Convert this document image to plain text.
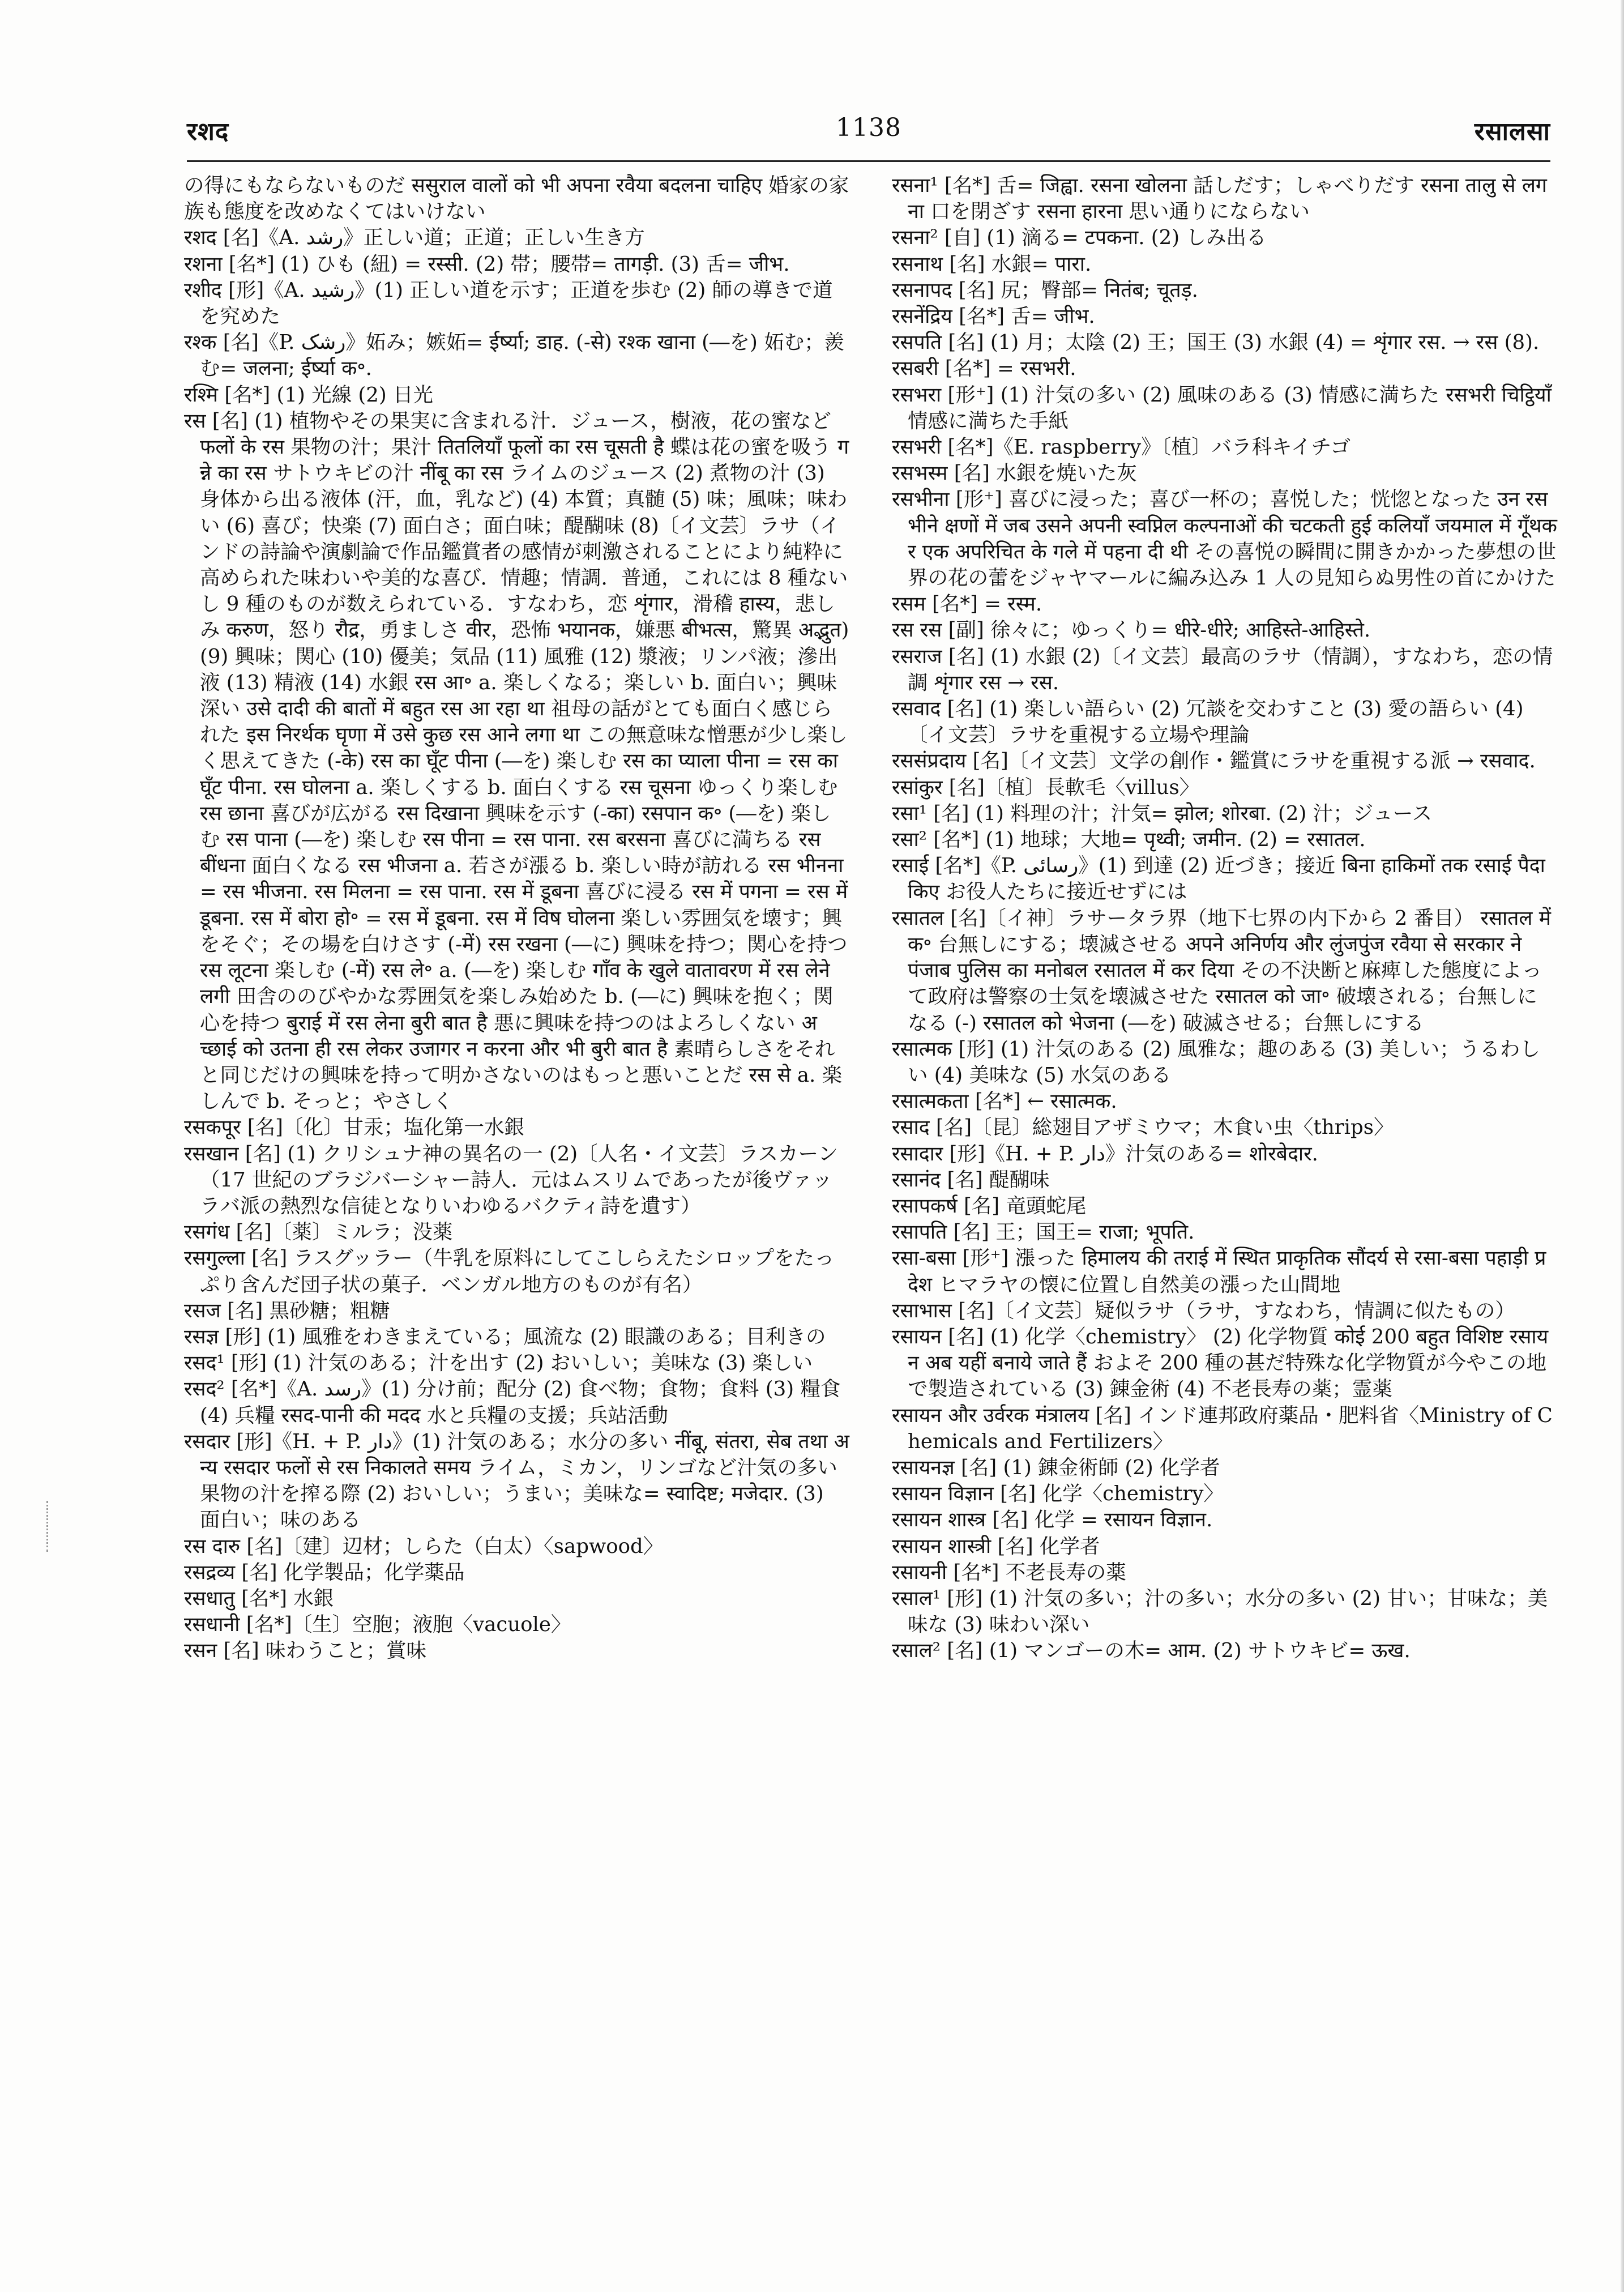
रशद	1138	रसालसा

の得にもならないものだ ससुराल वालों को भी अपना रवैया बदलना चाहिए 婚家の家族も態度を改めなくてはいけない

रशद [名]《A. رشد》正しい道；正道；正しい生き方

रशना [名*] (1) ひも (紐) = रस्सी. (2) 帯；腰帯= तागड़ी. (3) 舌= जीभ.

रशीद [形]《A. رشید》(1) 正しい道を示す；正道を歩む (2) 師の導きで道を究めた

रश्क [名]《P. رشک》妬み；嫉妬= ईर्ष्या; डाह. (-से) रश्क खाना (―を) 妬む；羨む= जलना; ईर्ष्या क॰.

रश्मि [名*] (1) 光線 (2) 日光

रस [名] (1) 植物やその果実に含まれる汁．ジュース，樹液，花の蜜など फलों के रस 果物の汁；果汁 तितलियाँ फूलों का रस चूसती है 蝶は花の蜜を吸う गन्ने का रस サトウキビの汁 नींबू का रस ライムのジュース (2) 煮物の汁 (3) 身体から出る液体 (汗，血，乳など) (4) 本質；真髄 (5) 味；風味；味わい (6) 喜び；快楽 (7) 面白さ；面白味；醍醐味 (8)〔イ文芸〕ラサ（インドの詩論や演劇論で作品鑑賞者の感情が刺激されることにより純粋に高められた味わいや美的な喜び．情趣；情調．普通，これには 8 種ないし 9 種のものが数えられている．すなわち，恋 शृंगार，滑稽 हास्य，悲しみ करुण，怒り रौद्र，勇ましさ वीर，恐怖 भयानक，嫌悪 बीभत्स，驚異 अद्भुत) (9) 興味；関心 (10) 優美；気品 (11) 風雅 (12) 漿液；リンパ液；滲出液 (13) 精液 (14) 水銀 रस आ॰ a. 楽しくなる；楽しい b. 面白い；興味深い उसे दादी की बातों में बहुत रस आ रहा था 祖母の話がとても面白く感じられた इस निरर्थक घृणा में उसे कुछ रस आने लगा था この無意味な憎悪が少し楽しく思えてきた (-के) रस का घूँट पीना (―を) 楽しむ रस का प्याला पीना = रस का घूँट पीना. रस घोलना a. 楽しくする b. 面白くする रस चूसना ゆっくり楽しむ रस छाना 喜びが広がる रस दिखाना 興味を示す (-का) रसपान क॰ (―を) 楽しむ रस पाना (―を) 楽しむ रस पीना = रस पाना. रस बरसना 喜びに満ちる रस बींधना 面白くなる रस भीजना a. 若さが漲る b. 楽しい時が訪れる रस भीनना = रस भीजना. रस मिलना = रस पाना. रस में डूबना 喜びに浸る रस में पगना = रस में डूबना. रस में बोरा हो॰ = रस में डूबना. रस में विष घोलना 楽しい雰囲気を壊す；興をそぐ；その場を白けさす (-में) रस रखना (―に) 興味を持つ；関心を持つ रस लूटना 楽しむ (-में) रस ले॰ a. (―を) 楽しむ गाँव के खुले वातावरण में रस लेने लगी 田舎ののびやかな雰囲気を楽しみ始めた b. (―に) 興味を抱く；関心を持つ बुराई में रस लेना बुरी बात है 悪に興味を持つのはよろしくない अच्छाई को उतना ही रस लेकर उजागर न करना और भी बुरी बात है 素晴らしさをそれと同じだけの興味を持って明かさないのはもっと悪いことだ रस से a. 楽しんで b. そっと；やさしく

रसकपूर [名]〔化〕甘汞；塩化第一水銀

रसखान [名] (1) クリシュナ神の異名の一 (2)〔人名・イ文芸〕ラスカーン（17 世紀のブラジバーシャー詩人．元はムスリムであったが後ヴァッラバ派の熱烈な信徒となりいわゆるバクティ詩を遺す）

रसगंध [名]〔薬〕ミルラ；没薬

रसगुल्ला [名] ラスグッラー（牛乳を原料にしてこしらえたシロップをたっぷり含んだ団子状の菓子．ベンガル地方のものが有名）

रसज [名] 黒砂糖；粗糖

रसज्ञ [形] (1) 風雅をわきまえている；風流な (2) 眼識のある；目利きの

रसद¹ [形] (1) 汁気のある；汁を出す (2) おいしい；美味な (3) 楽しい

रसद² [名*]《A. رسد》(1) 分け前；配分 (2) 食べ物；食物；食料 (3) 糧食 (4) 兵糧 रसद-पानी की मदद 水と兵糧の支援；兵站活動

रसदार [形]《H. + P. دار》(1) 汁気のある；水分の多い नींबू, संतरा, सेब तथा अन्य रसदार फलों से रस निकालते समय ライム，ミカン，リンゴなど汁気の多い果物の汁を搾る際 (2) おいしい；うまい；美味な= स्वादिष्ट; मजेदार. (3) 面白い；味のある

रस दारु [名]〔建〕辺材；しらた（白太）〈sapwood〉

रसद्रव्य [名] 化学製品；化学薬品

रसधातु [名*] 水銀

रसधानी [名*]〔生〕空胞；液胞〈vacuole〉

रसन [名] 味わうこと；賞味

रसना¹ [名*] 舌= जिह्वा. रसना खोलना 話しだす；しゃべりだす रसना तालु से लगना 口を閉ざす रसना हारना 思い通りにならない

रसना² [自] (1) 滴る= टपकना. (2) しみ出る

रसनाथ [名] 水銀= पारा.

रसनापद [名] 尻；臀部= नितंब; चूतड़.

रसनेंद्रिय [名*] 舌= जीभ.

रसपति [名] (1) 月；太陰 (2) 王；国王 (3) 水銀 (4) = शृंगार रस. → रस (8).

रसबरी [名*] = रसभरी.

रसभरा [形⁺] (1) 汁気の多い (2) 風味のある (3) 情感に満ちた रसभरी चिट्ठियाँ 情感に満ちた手紙

रसभरी [名*]《E. raspberry》〔植〕バラ科キイチゴ

रसभस्म [名] 水銀を焼いた灰

रसभीना [形⁺] 喜びに浸った；喜び一杯の；喜悦した；恍惚となった उन रसभीने क्षणों में जब उसने अपनी स्वप्निल कल्पनाओं की चटकती हुई कलियाँ जयमाल में गूँथकर एक अपरिचित के गले में पहना दी थी その喜悦の瞬間に開きかかった夢想の世界の花の蕾をジャヤマールに編み込み 1 人の見知らぬ男性の首にかけた

रसम [名*] = रस्म.

रस रस [副] 徐々に；ゆっくり= धीरे-धीरे; आहिस्ते-आहिस्ते.

रसराज [名] (1) 水銀 (2)〔イ文芸〕最高のラサ（情調），すなわち，恋の情調 शृंगार रस → रस.

रसवाद [名] (1) 楽しい語らい (2) 冗談を交わすこと (3) 愛の語らい (4)〔イ文芸〕ラサを重視する立場や理論

रससंप्रदाय [名]〔イ文芸〕文学の創作・鑑賞にラサを重視する派 → रसवाद.

रसांकुर [名]〔植〕長軟毛〈villus〉

रसा¹ [名] (1) 料理の汁；汁気= झोल; शोरबा. (2) 汁；ジュース

रसा² [名*] (1) 地球；大地= पृथ्वी; जमीन. (2) = रसातल.

रसाई [名*]《P. رسائی》(1) 到達 (2) 近づき；接近 बिना हाकिमों तक रसाई पैदा किए お役人たちに接近せずには

रसातल [名]〔イ神〕ラサータラ界（地下七界の内下から 2 番目） रसातल में क॰ 台無しにする；壊滅させる अपने अनिर्णय और लुंजपुंज रवैया से सरकार ने पंजाब पुलिस का मनोबल रसातल में कर दिया その不決断と麻痺した態度によって政府は警察の士気を壊滅させた रसातल को जा॰ 破壊される；台無しになる (-) रसातल को भेजना (―を) 破滅させる；台無しにする

रसात्मक [形] (1) 汁気のある (2) 風雅な；趣のある (3) 美しい；うるわしい (4) 美味な (5) 水気のある

रसात्मकता [名*] ← रसात्मक.

रसाद [名]〔昆〕総翅目アザミウマ；木食い虫〈thrips〉

रसादार [形]《H. + P. دار》汁気のある= शोरबेदार.

रसानंद [名] 醍醐味

रसापकर्ष [名] 竜頭蛇尾

रसापति [名] 王；国王= राजा; भूपति.

रसा-बसा [形⁺] 漲った हिमालय की तराई में स्थित प्राकृतिक सौंदर्य से रसा-बसा पहाड़ी प्रदेश ヒマラヤの懐に位置し自然美の漲った山間地

रसाभास [名]〔イ文芸〕疑似ラサ（ラサ，すなわち，情調に似たもの）

रसायन [名] (1) 化学〈chemistry〉 (2) 化学物質 कोई 200 बहुत विशिष्ट रसायन अब यहीं बनाये जाते हैं およそ 200 種の甚だ特殊な化学物質が今やこの地で製造されている (3) 錬金術 (4) 不老長寿の薬；霊薬

रसायन और उर्वरक मंत्रालय [名] インド連邦政府薬品・肥料省〈Ministry of Chemicals and Fertilizers〉

रसायनज्ञ [名] (1) 錬金術師 (2) 化学者

रसायन विज्ञान [名] 化学〈chemistry〉

रसायन शास्त्र [名] 化学 = रसायन विज्ञान.

रसायन शास्त्री [名] 化学者

रसायनी [名*] 不老長寿の薬

रसाल¹ [形] (1) 汁気の多い；汁の多い；水分の多い (2) 甘い；甘味な；美味な (3) 味わい深い

रसाल² [名] (1) マンゴーの木= आम. (2) サトウキビ= ऊख.
